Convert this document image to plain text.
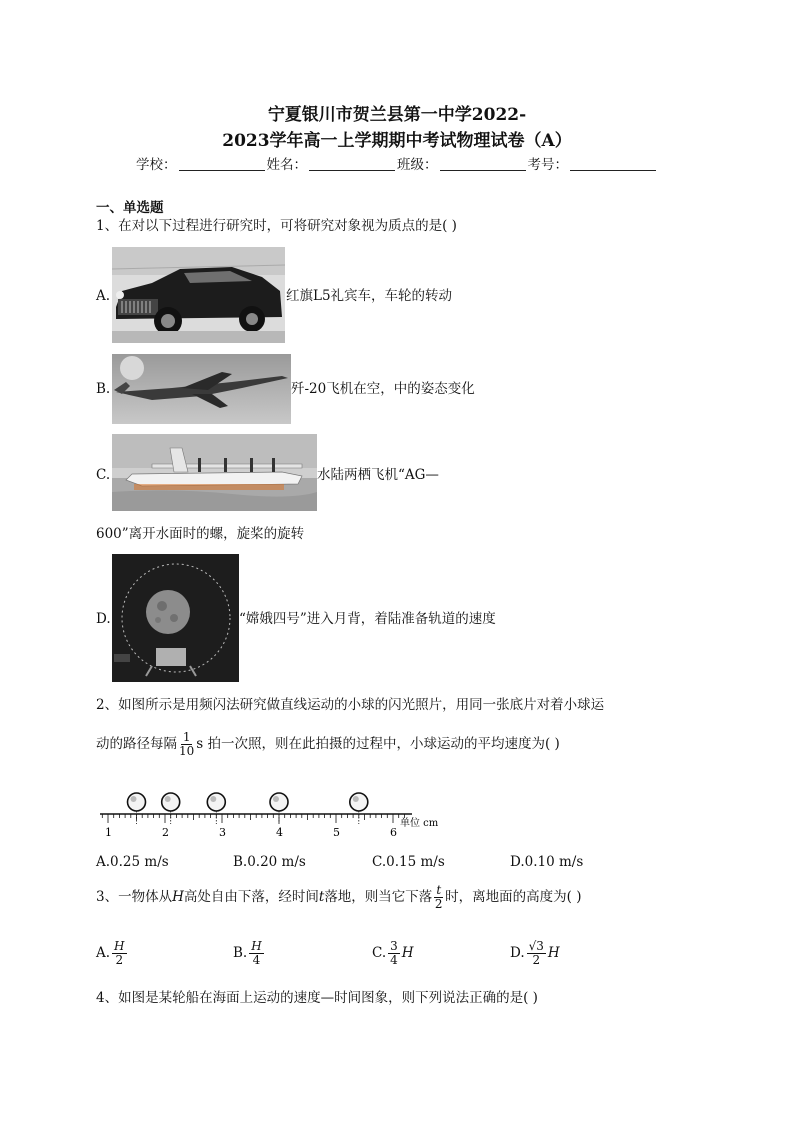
宁夏银川市贺兰县第一中学2022-
2023学年高一上学期期中考试物理试卷（A）
学校：	姓名：	班级：	考号：
一、单选题
1、在对以下过程进行研究时，可将研究对象视为质点的是( )
A.	红旗L5礼宾车，车轮的转动
B.	歼-20飞机在空，中的姿态变化
C.	水陆两栖飞机“AG—
600”离开水面时的螺，旋桨的旋转
D.	“嫦娥四号”进入月背，着陆准备轨道的速度
2、如图所示是用频闪法研究做直线运动的小球的闪光照片，用同一张底片对着小球运
动的路径每隔 $\frac{1}{10}$ s 拍一次照，则在此拍摄的过程中，小球运动的平均速度为( )
1	2	3	4	5	6
单位 cm
A.0.25 m/s	B.0.20 m/s	C.0.15 m/s	D.0.10 m/s
3、一物体从H高处自由下落，经时间t落地，则当它下落 $\frac{t}{2}$ 时，离地面的高度为( )
A. $\frac{H}{2}$	B. $\frac{H}{4}$	C. $\frac{3}{4}$ H	D. $\frac{√3}{2}$ H
4、如图是某轮船在海面上运动的速度—时间图象，则下列说法正确的是( )
